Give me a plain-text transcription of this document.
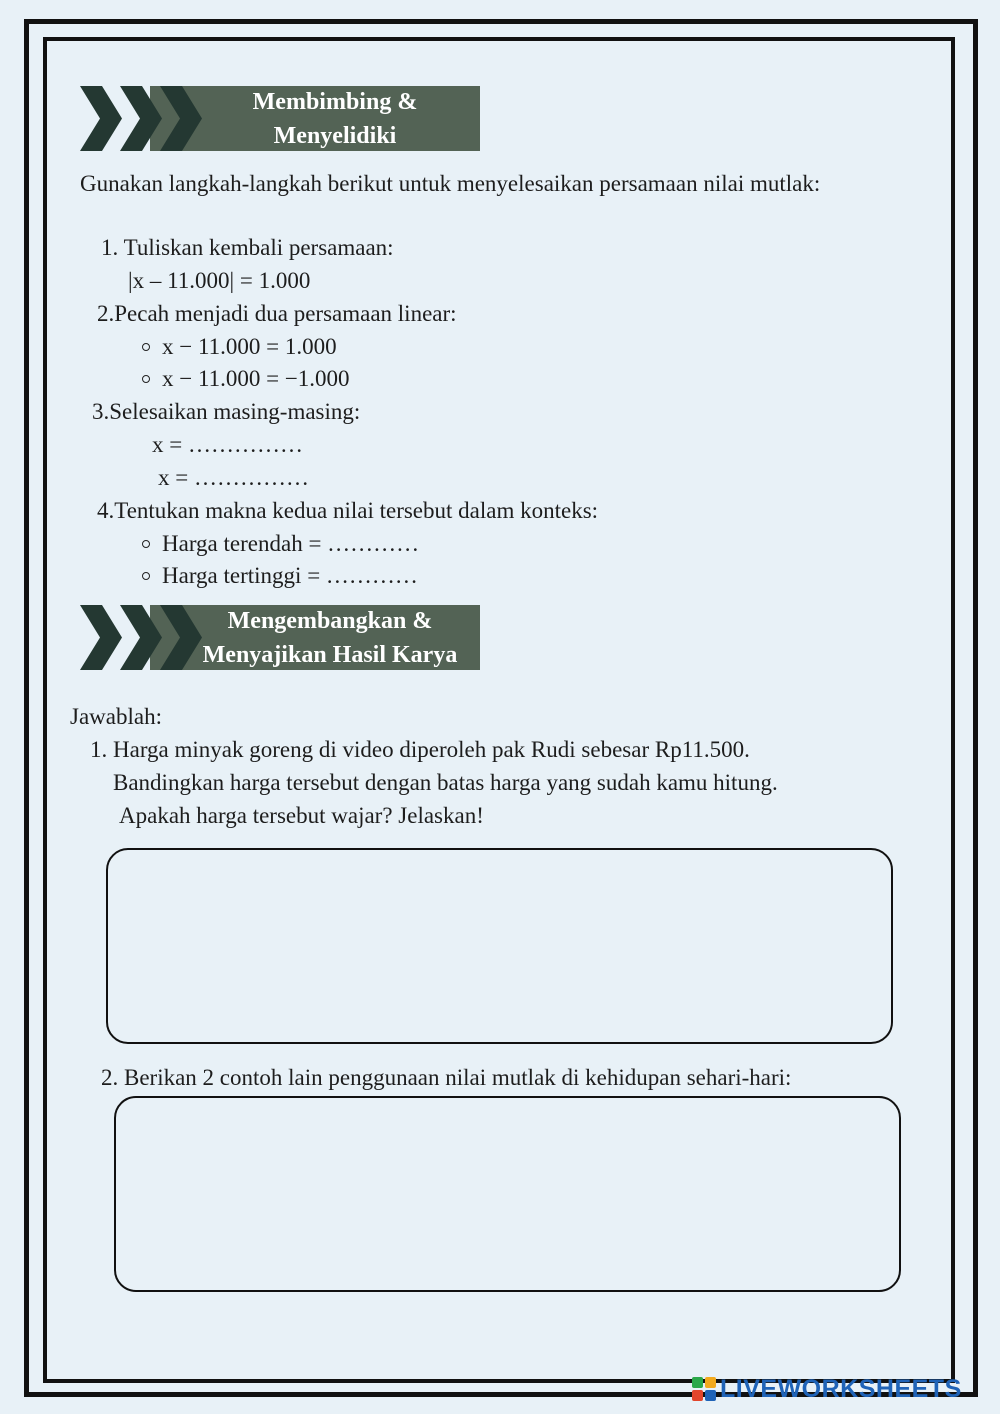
Membimbing &
Menyelidiki
Gunakan langkah-langkah berikut untuk menyelesaikan persamaan nilai mutlak:
1. Tuliskan kembali persamaan:
|x – 11.000| = 1.000
2.Pecah menjadi dua persamaan linear:
x − 11.000 = 1.000
x − 11.000 = −1.000
3.Selesaikan masing-masing:
x = ……………
x = ……………
4.Tentukan makna kedua nilai tersebut dalam konteks:
Harga terendah = …………
Harga tertinggi = …………
Mengembangkan &
Menyajikan Hasil Karya
Jawablah:
1. Harga minyak goreng di video diperoleh pak Rudi sebesar Rp11.500.
Bandingkan harga tersebut dengan batas harga yang sudah kamu hitung.
Apakah harga tersebut wajar? Jelaskan!
2. Berikan 2 contoh lain penggunaan nilai mutlak di kehidupan sehari-hari:
LIVEWORKSHEETS
